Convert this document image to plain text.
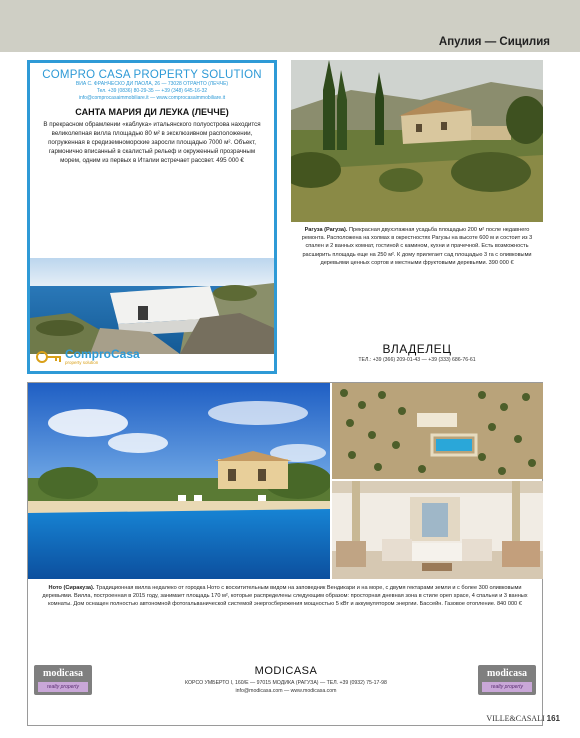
Апулия — Сицилия
COMPRO CASA PROPERTY SOLUTION
ВИА С. ФРАНЧЕСКО ДИ ПАОЛА, 26 — 73028 ОТРАНТО (ЛЕЧЧЕ)
Тел. +39 (0836) 80-29-35 — +39 (348) 645-16-32
info@comprocasaimmobiliare.it — www.comprocasaimmobiliare.it
САНТА МАРИЯ ДИ ЛЕУКА (ЛЕЧЧЕ)
В прекрасном обрамлении «каблука» итальянского полуострова находится великолепная вилла площадью 80 м² в эксклюзивном расположении, погруженная в средиземноморские заросли площадью 7000 м². Объект, гармонично вписанный в скалистый рельеф и окруженный прозрачным морем, одним из первых в Италии встречает рассвет. 495 000 €
ComproCasa
property solution
Рагуза (Рагуза). Прекрасная двухэтажная усадьба площадью 200 м² после недавнего ремонта. Расположена на холмах в окрестностях Рагузы на высоте 600 м и состоит из 3 спален и 2 ванных комнат, гостиной с камином, кухни и прачечной. Есть возможность расширить площадь еще на 250 м². К дому прилегает сад площадью 3 га с оливковыми деревьями ценных сортов и местными фруктовыми деревьями. 390 000 €
ВЛАДЕЛЕЦ
ТЕЛ.: +39 (366) 209-01-43 — +39 (333) 686-76-61
Ното (Сиракуза). Традиционная вилла недалеко от городка Ното с восхитительным видом на заповедник Вендикари и на море, с двумя гектарами земли и с более 300 оливковыми деревьями. Вилла, построенная в 2015 году, занимает площадь 170 м², которые распределены следующим образом: просторная дневная зона в стиле open space, 4 спальни и 3 ванных комнаты. Дом оснащен полностью автономной фотогальванической системой энергосбережения мощностью 5 кВт и аккумулятором энергии. Бассейн. Газовое отопление. 840 000 €
modicasa
realty property
modicasa
realty property
MODICASA
КОРСО УМБЕРТО I, 160/E — 97015 МОДИКА (РАГУЗА) — ТЕЛ. +39 (0932) 75-17-98
info@modicasa.com — www.modicasa.com
VILLE&CASALI 161
